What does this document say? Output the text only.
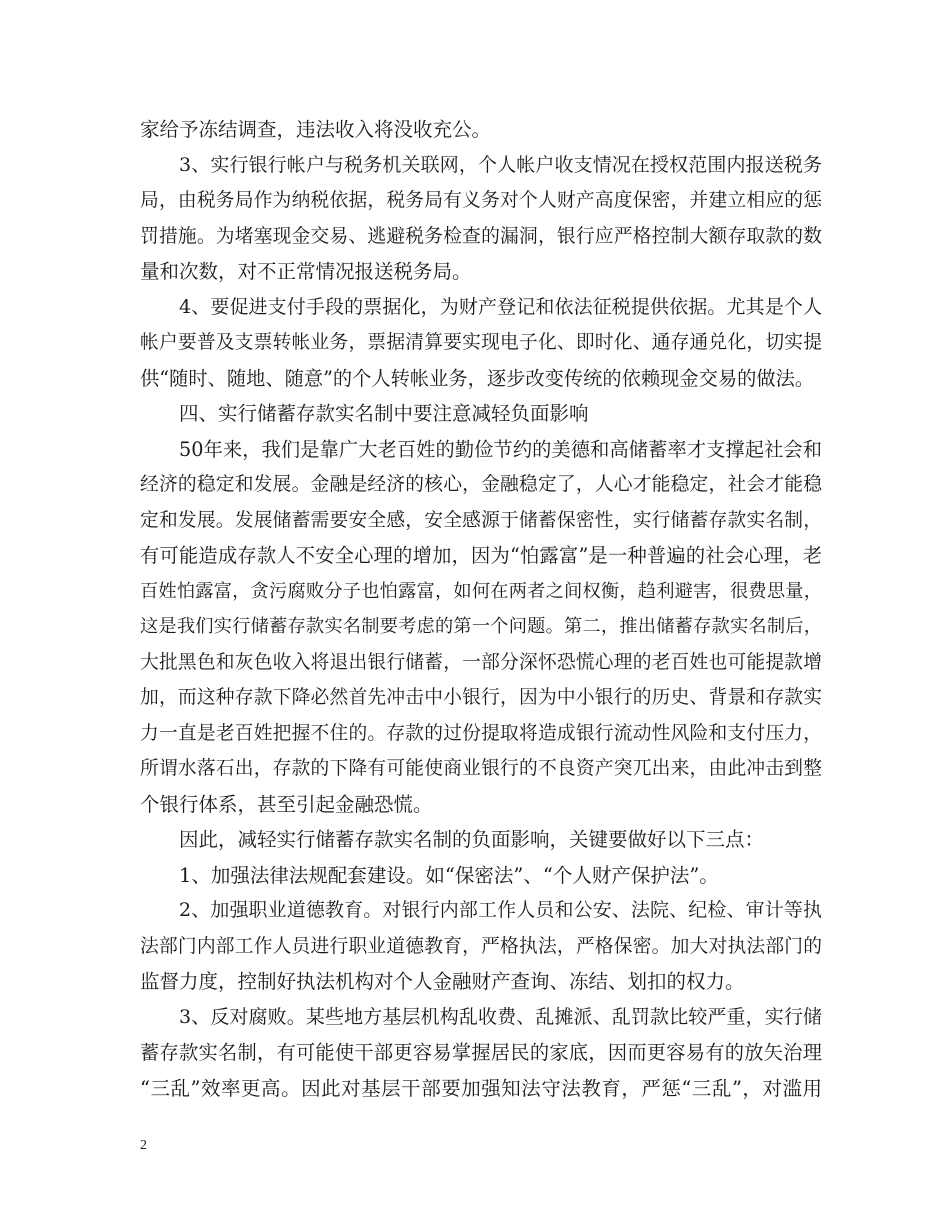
家给予冻结调查，违法收入将没收充公。
3、实行银行帐户与税务机关联网，个人帐户收支情况在授权范围内报送税务
局，由税务局作为纳税依据，税务局有义务对个人财产高度保密，并建立相应的惩
罚措施。为堵塞现金交易、逃避税务检查的漏洞，银行应严格控制大额存取款的数
量和次数，对不正常情况报送税务局。
4、要促进支付手段的票据化，为财产登记和依法征税提供依据。尤其是个人
帐户要普及支票转帐业务，票据清算要实现电子化、即时化、通存通兑化，切实提
供“随时、随地、随意”的个人转帐业务，逐步改变传统的依赖现金交易的做法。
四、实行储蓄存款实名制中要注意减轻负面影响
50年来，我们是靠广大老百姓的勤俭节约的美德和高储蓄率才支撑起社会和
经济的稳定和发展。金融是经济的核心，金融稳定了，人心才能稳定，社会才能稳
定和发展。发展储蓄需要安全感，安全感源于储蓄保密性，实行储蓄存款实名制，
有可能造成存款人不安全心理的增加，因为“怕露富”是一种普遍的社会心理，老
百姓怕露富，贪污腐败分子也怕露富，如何在两者之间权衡，趋利避害，很费思量，
这是我们实行储蓄存款实名制要考虑的第一个问题。第二，推出储蓄存款实名制后，
大批黑色和灰色收入将退出银行储蓄，一部分深怀恐慌心理的老百姓也可能提款增
加，而这种存款下降必然首先冲击中小银行，因为中小银行的历史、背景和存款实
力一直是老百姓把握不住的。存款的过份提取将造成银行流动性风险和支付压力，
所谓水落石出，存款的下降有可能使商业银行的不良资产突兀出来，由此冲击到整
个银行体系，甚至引起金融恐慌。
因此，减轻实行储蓄存款实名制的负面影响，关键要做好以下三点：
1、加强法律法规配套建设。如“保密法”、“个人财产保护法”。
2、加强职业道德教育。对银行内部工作人员和公安、法院、纪检、审计等执
法部门内部工作人员进行职业道德教育，严格执法，严格保密。加大对执法部门的
监督力度，控制好执法机构对个人金融财产查询、冻结、划扣的权力。
3、反对腐败。某些地方基层机构乱收费、乱摊派、乱罚款比较严重，实行储
蓄存款实名制，有可能使干部更容易掌握居民的家底，因而更容易有的放矢治理
“三乱”效率更高。因此对基层干部要加强知法守法教育，严惩“三乱”，对滥用
2
